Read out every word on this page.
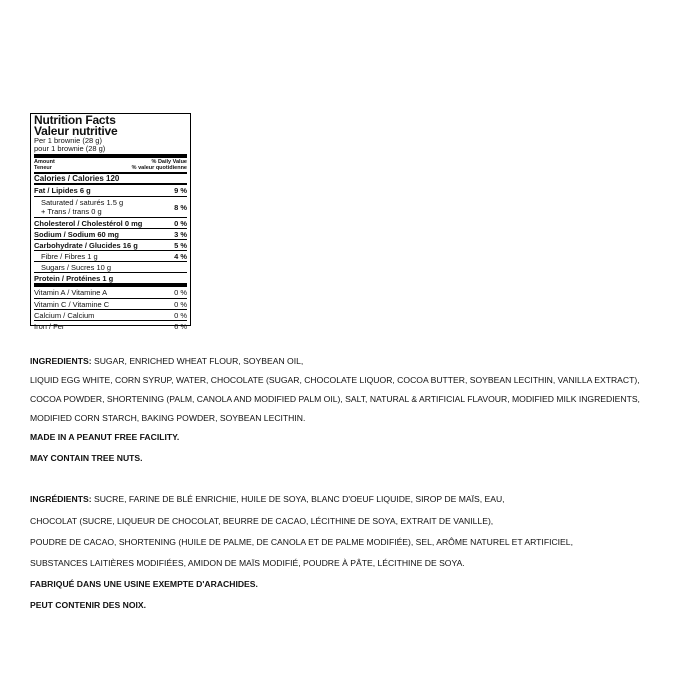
Nutrition Facts
Valeur nutritive
Per 1 brownie (28 g)
pour 1 brownie (28 g)
Amount
Teneur
% Daily Value
% valeur quotidienne
Calories / Calories 120
Fat / Lipides 6 g	9 %
Saturated / saturés 1.5 g
+ Trans / trans 0 g	8 %
Cholesterol / Cholestérol 0 mg	0 %
Sodium / Sodium 60 mg	3 %
Carbohydrate / Glucides 16 g	5 %
Fibre / Fibres 1 g	4 %
Sugars / Sucres 10 g
Protein / Protéines 1 g
Vitamin A / Vitamine A	0 %
Vitamin C / Vitamine C	0 %
Calcium / Calcium	0 %
Iron / Fer	6 %
INGREDIENTS: SUGAR, ENRICHED WHEAT FLOUR, SOYBEAN OIL,
LIQUID EGG WHITE, CORN SYRUP, WATER, CHOCOLATE (SUGAR, CHOCOLATE LIQUOR, COCOA BUTTER, SOYBEAN LECITHIN, VANILLA EXTRACT),
COCOA POWDER, SHORTENING (PALM, CANOLA AND MODIFIED PALM OIL), SALT, NATURAL & ARTIFICIAL FLAVOUR, MODIFIED MILK INGREDIENTS,
MODIFIED CORN STARCH, BAKING POWDER, SOYBEAN LECITHIN.
MADE IN A PEANUT FREE FACILITY.
MAY CONTAIN TREE NUTS.
INGRÉDIENTS: SUCRE, FARINE DE BLÉ ENRICHIE, HUILE DE SOYA, BLANC D'OEUF LIQUIDE, SIROP DE MAÏS, EAU,
CHOCOLAT (SUCRE, LIQUEUR DE CHOCOLAT, BEURRE DE CACAO, LÉCITHINE DE SOYA, EXTRAIT DE VANILLE),
POUDRE DE CACAO, SHORTENING (HUILE DE PALME, DE CANOLA ET DE PALME MODIFIÉE), SEL, ARÔME NATUREL ET ARTIFICIEL,
SUBSTANCES LAITIÈRES MODIFIÉES, AMIDON DE MAÏS MODIFIÉ, POUDRE À PÂTE, LÉCITHINE DE SOYA.
FABRIQUÉ DANS UNE USINE EXEMPTE D'ARACHIDES.
PEUT CONTENIR DES NOIX.
